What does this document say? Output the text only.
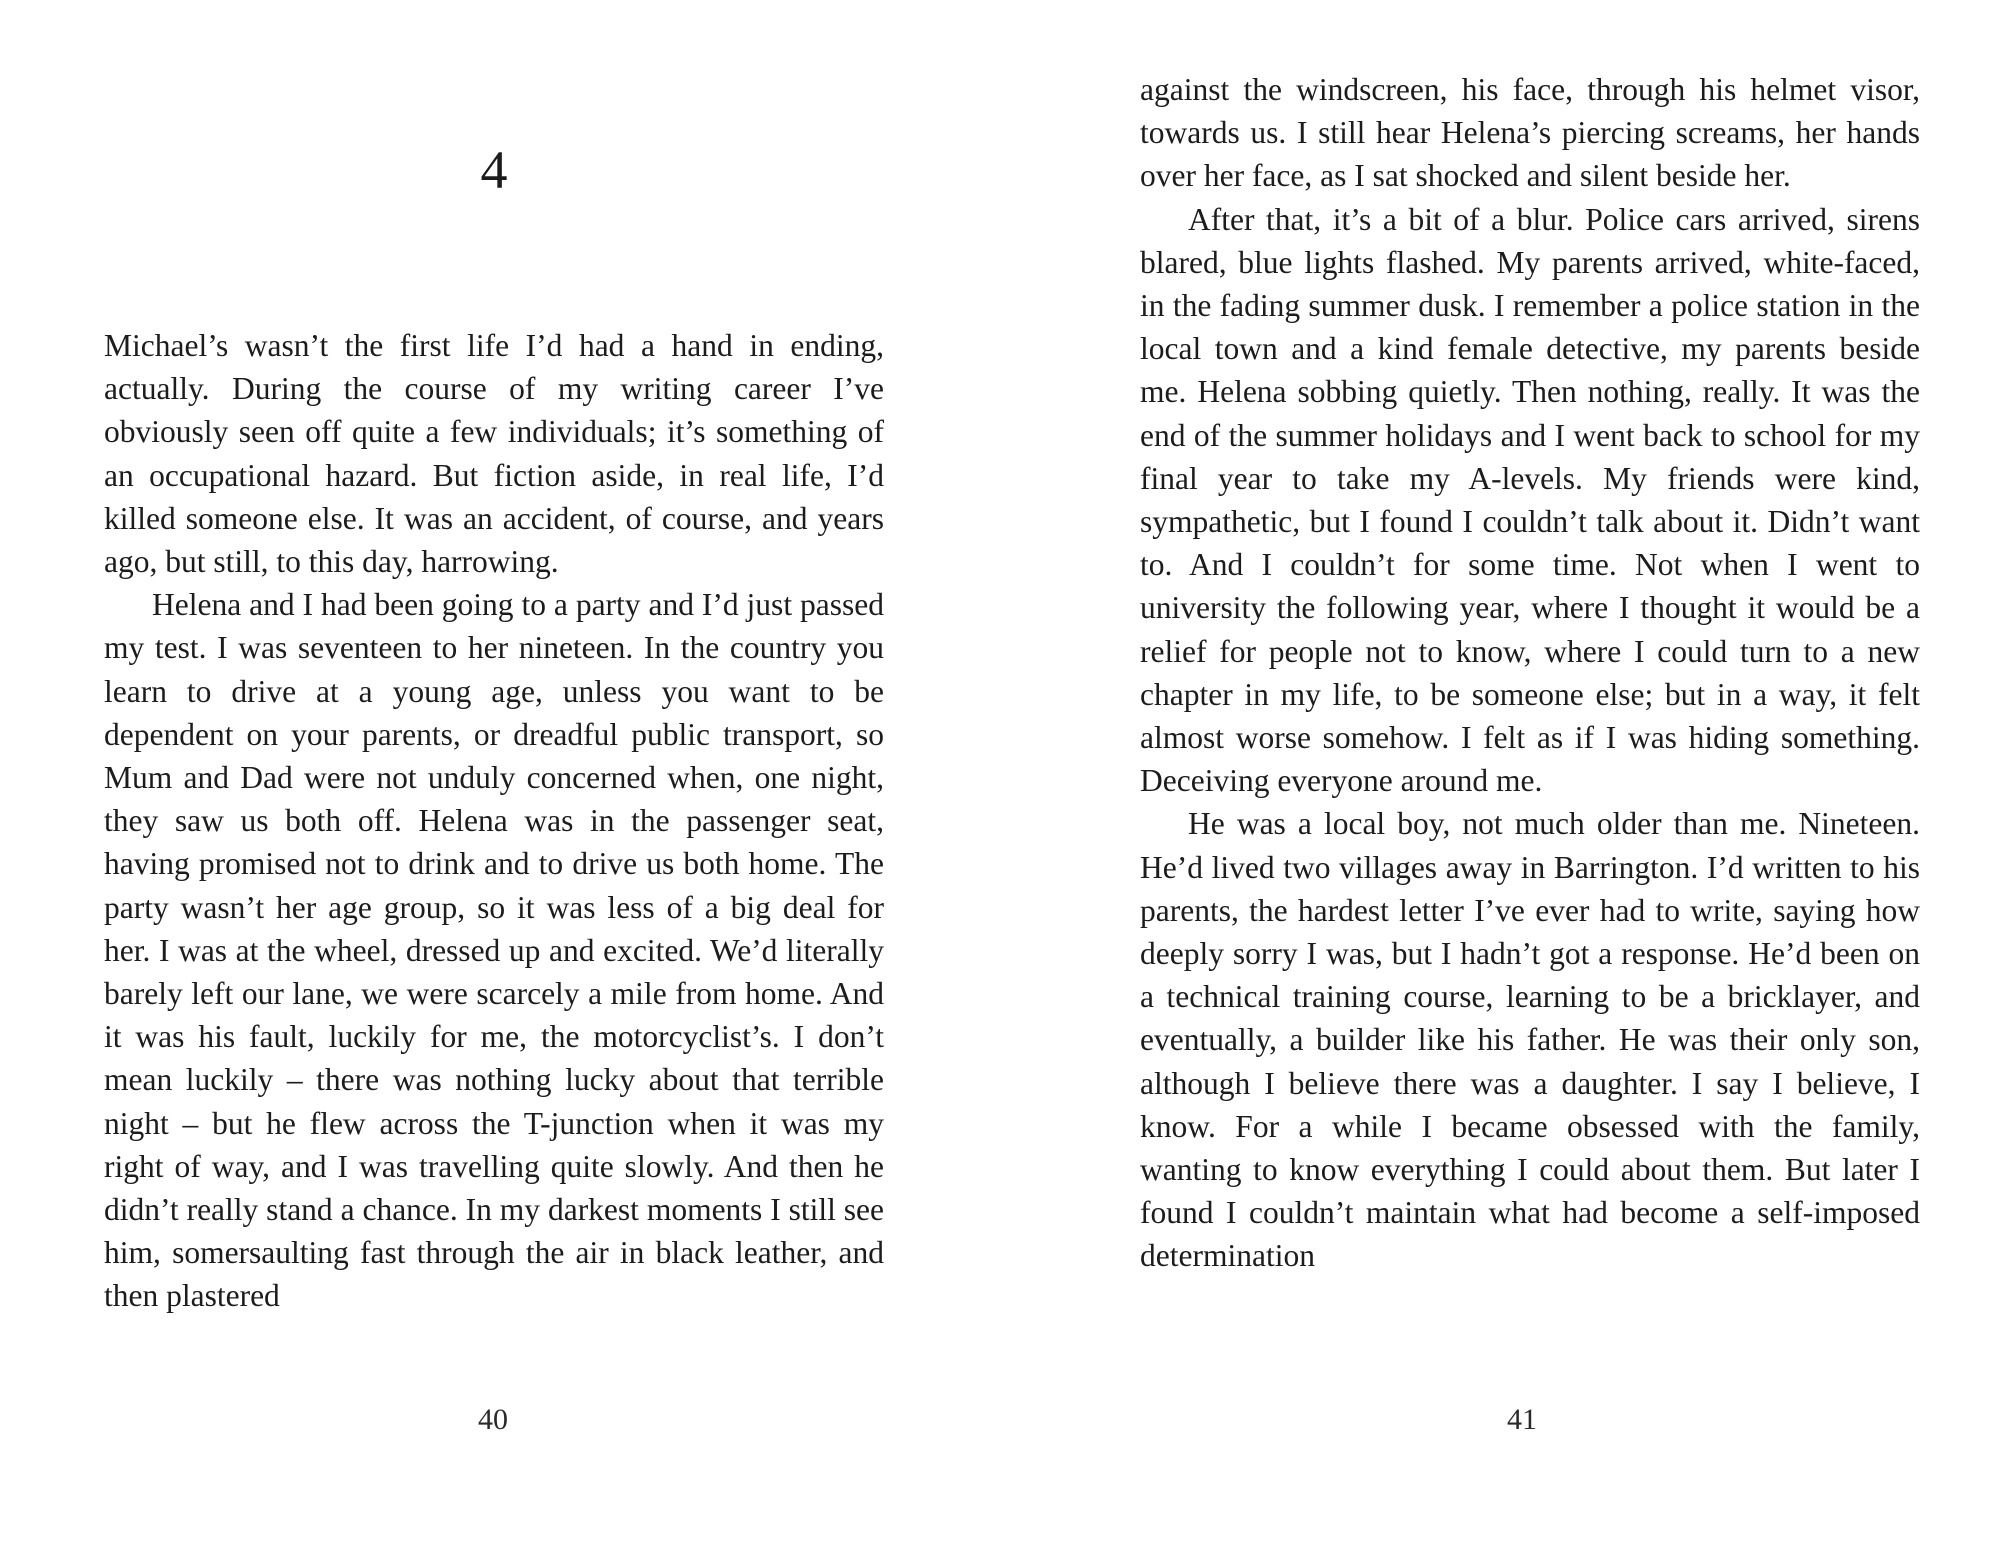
4

Michael’s wasn’t the first life I’d had a hand in ending, actually. During the course of my writing career I’ve obviously seen off quite a few individuals; it’s something of an occupational hazard. But fiction aside, in real life, I’d killed someone else. It was an accident, of course, and years ago, but still, to this day, harrowing.

Helena and I had been going to a party and I’d just passed my test. I was seventeen to her nineteen. In the country you learn to drive at a young age, unless you want to be dependent on your parents, or dreadful public transport, so Mum and Dad were not unduly concerned when, one night, they saw us both off. Helena was in the passenger seat, having promised not to drink and to drive us both home. The party wasn’t her age group, so it was less of a big deal for her. I was at the wheel, dressed up and excited. We’d literally barely left our lane, we were scarcely a mile from home. And it was his fault, luckily for me, the motorcyclist’s. I don’t mean luckily – there was nothing lucky about that terrible night – but he flew across the T-junction when it was my right of way, and I was travelling quite slowly. And then he didn’t really stand a chance. In my darkest moments I still see him, somersaulting fast through the air in black leather, and then plastered

40

against the windscreen, his face, through his helmet visor, towards us. I still hear Helena’s piercing screams, her hands over her face, as I sat shocked and silent beside her.

After that, it’s a bit of a blur. Police cars arrived, sirens blared, blue lights flashed. My parents arrived, white-faced, in the fading summer dusk. I remember a police station in the local town and a kind female detective, my parents beside me. Helena sobbing quietly. Then nothing, really. It was the end of the summer holidays and I went back to school for my final year to take my A-levels. My friends were kind, sympathetic, but I found I couldn’t talk about it. Didn’t want to. And I couldn’t for some time. Not when I went to university the following year, where I thought it would be a relief for people not to know, where I could turn to a new chapter in my life, to be someone else; but in a way, it felt almost worse somehow. I felt as if I was hiding something. Deceiving everyone around me.

He was a local boy, not much older than me. Nineteen. He’d lived two villages away in Barrington. I’d written to his parents, the hardest letter I’ve ever had to write, saying how deeply sorry I was, but I hadn’t got a response. He’d been on a technical training course, learning to be a bricklayer, and eventually, a builder like his father. He was their only son, although I believe there was a daughter. I say I believe, I know. For a while I became obsessed with the family, wanting to know everything I could about them. But later I found I couldn’t maintain what had become a self-imposed determination

41
